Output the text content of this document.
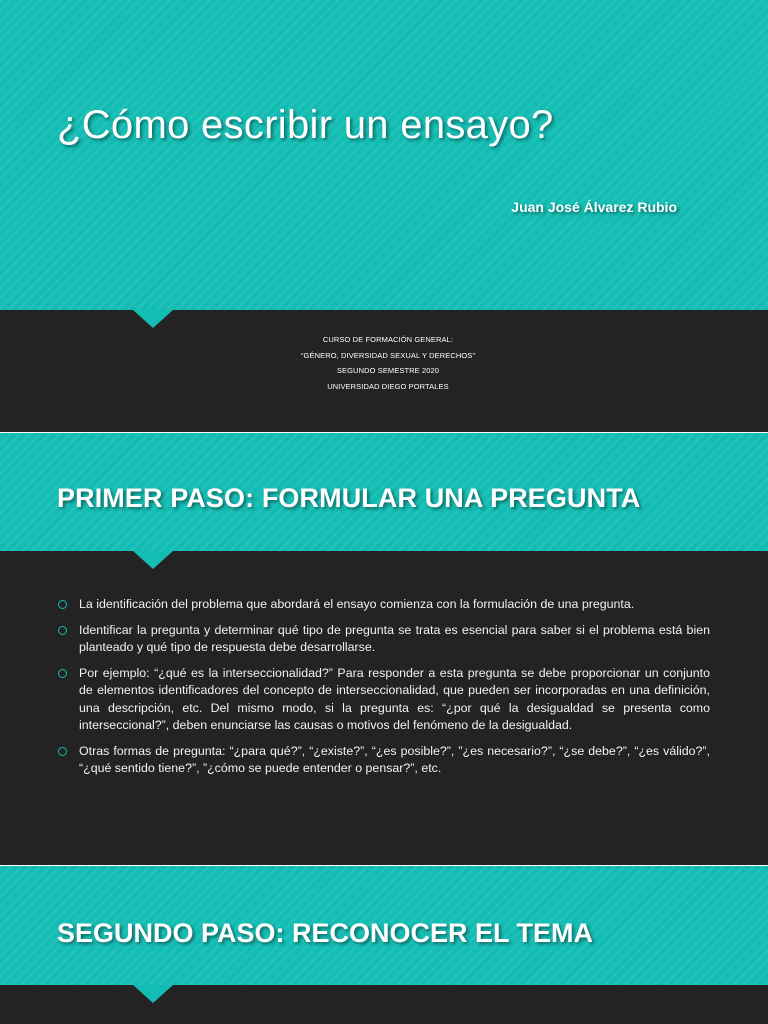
¿Cómo escribir un ensayo?

Juan José Álvarez Rubio

CURSO DE FORMACIÓN GENERAL:
“GÉNERO, DIVERSIDAD SEXUAL Y DERECHOS”
SEGUNDO SEMESTRE 2020
UNIVERSIDAD DIEGO PORTALES
PRIMER PASO: FORMULAR UNA PREGUNTA
La identificación del problema que abordará el ensayo comienza con la formulación de una pregunta.
Identificar la pregunta y determinar qué tipo de pregunta se trata es esencial para saber si el problema está bien planteado y qué tipo de respuesta debe desarrollarse.
Por ejemplo: “¿qué es la interseccionalidad?” Para responder a esta pregunta se debe proporcionar un conjunto de elementos identificadores del concepto de interseccionalidad, que pueden ser incorporadas en una definición, una descripción, etc. Del mismo modo, si la pregunta es: “¿por qué la desigualdad se presenta como interseccional?”, deben enunciarse las causas o motivos del fenómeno de la desigualdad.
Otras formas de pregunta: “¿para qué?”, “¿existe?”, “¿es posible?”, ”¿es necesario?”, “¿se debe?”, “¿es válido?”, “¿qué sentido tiene?”, ”¿cómo se puede entender o pensar?”, etc.
SEGUNDO PASO: RECONOCER EL TEMA
